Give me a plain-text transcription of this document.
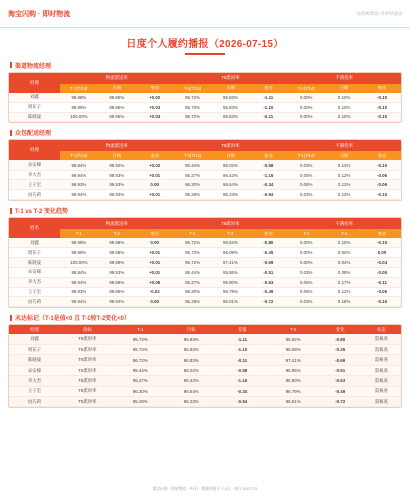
淘宝闪购 · 即时物流	为您极致送 当单时送达
日度个人履约播报（2026-07-15）
渠道物流经理
经理	物流派送率			T6派时率			不满投率		
	T-1(7/14)	日期	变动	T-1(7/14)	日期	变动	T-1(7/14)	日期	变动
刘鑫	99.98%	99.96%	+0.02	95.72%	96.83%	-1.11	0.00%	0.10%	-0.10
周东子	99.99%	99.96%	+0.03	95.73%	96.83%	-1.10	0.00%	0.10%	-0.10
陈晓晟	100.00%	99.96%	+0.04	96.72%	96.83%	-0.11	0.00%	0.10%	-0.10
众包配送经理
经理	物流派送率			T6派时率			不满投率		
	T-1(7/14)	日期	变动	T-1(7/14)	日期	变动	T-1(7/14)	日期	变动
宋安娣	99.94%	99.92%	+0.02	95.44%	96.02%	-0.58	0.03%	0.13%	-0.10
李大杰	99.94%	99.93%	+0.01	95.27%	96.43%	-1.16	0.06%	0.12%	-0.06
王子宏	99.93%	99.93%	0.00	96.30%	96.64%	-0.34	0.06%	0.12%	-0.06
由巧莉	99.94%	99.93%	+0.01	95.29%	96.23%	-0.94	0.03%	0.13%	-0.10
T-1 vs T-2 变化趋势
姓名	物流派送率			T6派时率			不满投率		
	T-1	T-2	变动	T-1	T-2	变动	T-1	T-2	变动
刘鑫	99.98%	99.98%	0.00	95.72%	96.52%	-0.80	0.00%	0.10%	-0.10
周东子	99.99%	99.98%	+0.01	95.73%	96.08%	-0.35	0.00%	0.00%	0.00
陈晓晟	100.00%	99.99%	+0.01	96.72%	97.41%	-0.69	0.00%	0.04%	-0.04
宋安娣	99.94%	99.93%	+0.01	95.44%	95.95%	-0.51	0.03%	0.08%	-0.05
李大杰	99.94%	99.89%	+0.05	95.27%	95.90%	-0.63	0.06%	0.17%	-0.11
王子宏	99.93%	99.95%	-0.02	96.30%	96.79%	-0.49	0.06%	0.12%	-0.06
由巧莉	99.94%	99.94%	0.00	95.29%	96.01%	-0.72	0.03%	0.18%	-0.15
未达标记（T-1是值<0 且 T-1较T-2变化<0）
经理	指标	T-1	目标	差值	T-2	变化	状态
刘鑫	T6派时率	95.72%	96.83%	-1.11	96.52%	-0.80	需核查
周东子	T6派时率	95.73%	96.83%	-1.10	96.08%	-0.35	需核查
陈晓晟	T6派时率	96.72%	96.83%	-0.11	97.41%	-0.69	需核查
宋安娣	T6派时率	95.44%	96.02%	-0.58	95.95%	-0.51	需核查
李大杰	T6派时率	95.27%	96.43%	-1.16	95.90%	-0.63	需核查
王子宏	T6派时率	96.30%	96.64%	-0.34	96.79%	-0.49	需核查
由巧莉	T6派时率	95.29%	96.23%	-0.94	96.01%	-0.72	需核查
淘宝闪购 · 即时物流 · P3日 · 数据来源于 T-1日 · 统计 10/1/779
